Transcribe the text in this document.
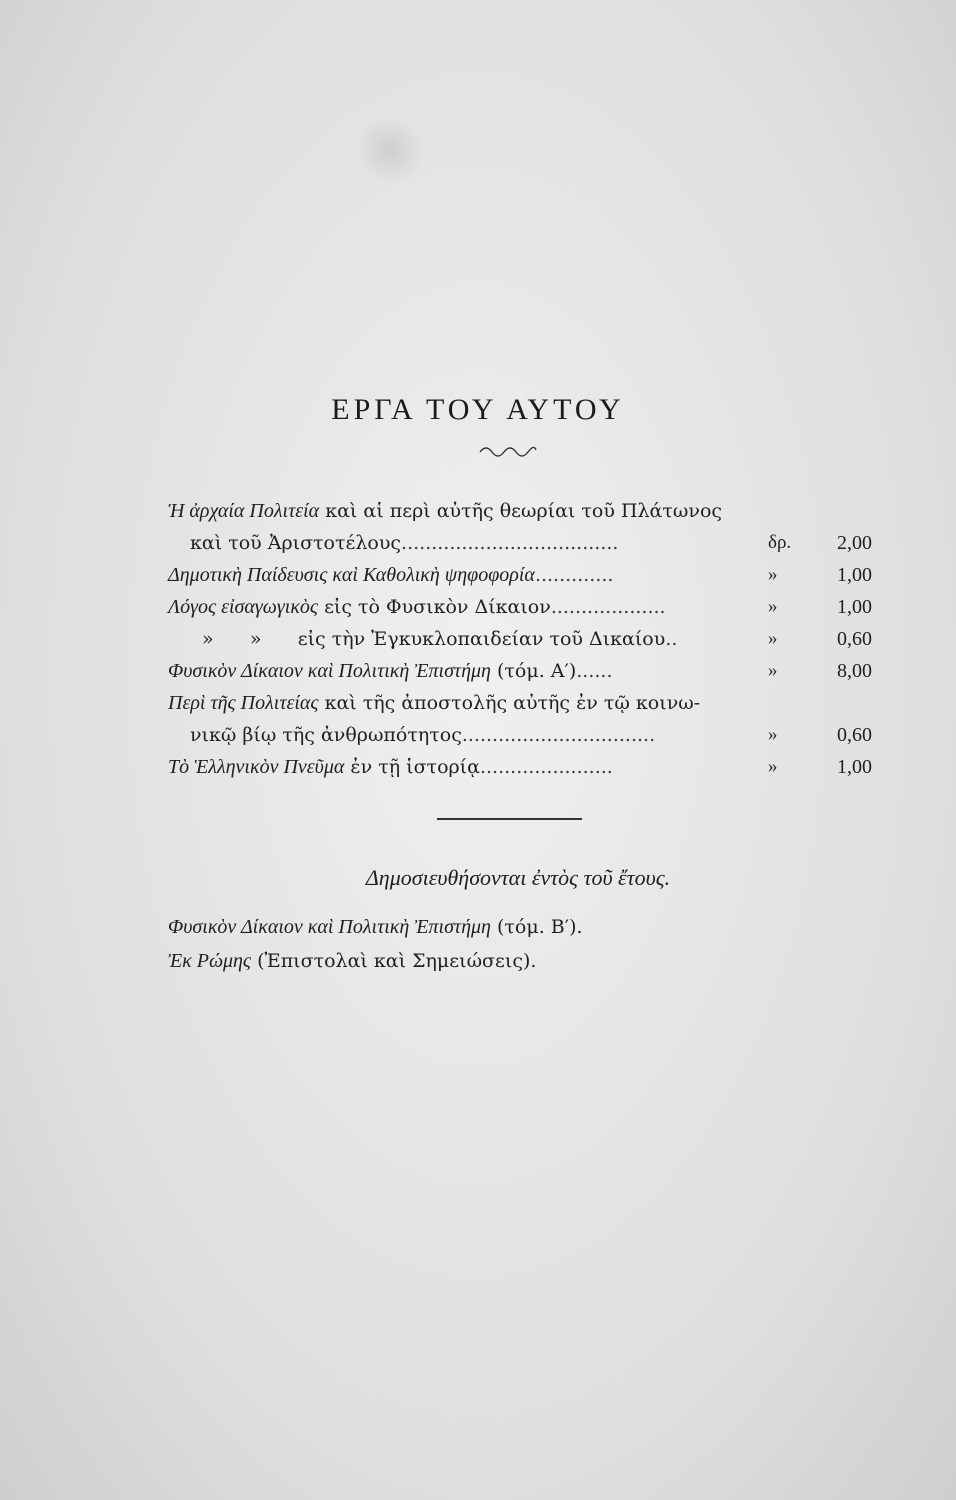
ΕΡΓΑ ΤΟΥ ΑΥΤΟΥ
Ἡ ἀρχαία Πολιτεία καὶ αἱ περὶ αὐτῆς θεωρίαι τοῦ Πλάτωνος
καὶ τοῦ Ἀριστοτέλους....................................	δρ.	2,00
Δημοτικὴ Παίδευσις καὶ Καθολικὴ ψηφοφορία.............	»	1,00
Λόγος εἰσαγωγικὸς εἰς τὸ Φυσικὸν Δίκαιον...................	»	1,00
»      »      εἰς τὴν Ἐγκυκλοπαιδείαν τοῦ Δικαίου..	»	0,60
Φυσικὸν Δίκαιον καὶ Πολιτικὴ Ἐπιστήμη (τόμ. Α′)......	»	8,00
Περὶ τῆς Πολιτείας καὶ τῆς ἀποστολῆς αὐτῆς ἐν τῷ κοινω-
νικῷ βίῳ τῆς ἀνθρωπότητος................................	»	0,60
Τὸ Ἑλληνικὸν Πνεῦμα ἐν τῇ ἱστορίᾳ......................	»	1,00
Δημοσιευθήσονται ἐντὸς τοῦ ἔτους.
Φυσικὸν Δίκαιον καὶ Πολιτικὴ Ἐπιστήμη (τόμ. Β′).
Ἐκ Ρώμης (Ἐπιστολαὶ καὶ Σημειώσεις).
